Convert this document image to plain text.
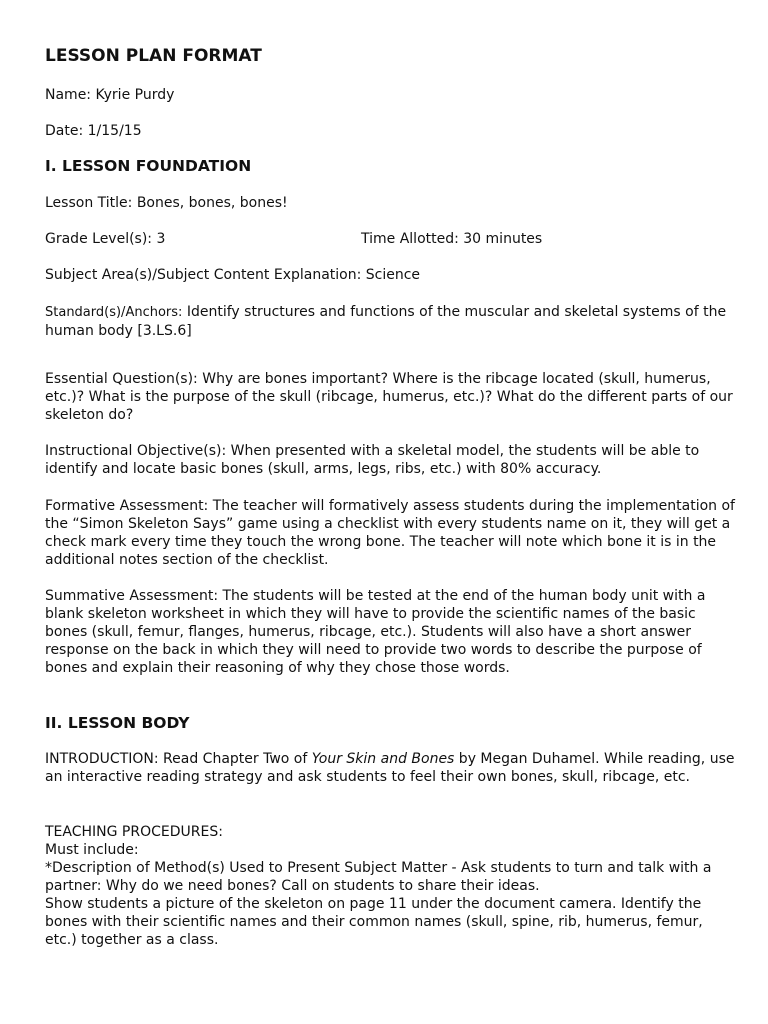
LESSON PLAN FORMAT

Name: Kyrie Purdy

Date: 1/15/15

I. LESSON FOUNDATION

Lesson Title: Bones, bones, bones!

Grade Level(s): 3	Time Allotted: 30 minutes

Subject Area(s)/Subject Content Explanation: Science

Standard(s)/Anchors: Identify structures and functions of the muscular and skeletal systems of the human body [3.LS.6]

Essential Question(s): Why are bones important? Where is the ribcage located (skull, humerus, etc.)? What is the purpose of the skull (ribcage, humerus, etc.)? What do the different parts of our skeleton do?

Instructional Objective(s): When presented with a skeletal model, the students will be able to identify and locate basic bones (skull, arms, legs, ribs, etc.) with 80% accuracy.

Formative Assessment: The teacher will formatively assess students during the implementation of the “Simon Skeleton Says” game using a checklist with every students name on it, they will get a check mark every time they touch the wrong bone. The teacher will note which bone it is in the additional notes section of the checklist.

Summative Assessment: The students will be tested at the end of the human body unit with a blank skeleton worksheet in which they will have to provide the scientific names of the basic bones (skull, femur, flanges, humerus, ribcage, etc.). Students will also have a short answer response on the back in which they will need to provide two words to describe the purpose of bones and explain their reasoning of why they chose those words.

II. LESSON BODY

INTRODUCTION: Read Chapter Two of Your Skin and Bones by Megan Duhamel. While reading, use an interactive reading strategy and ask students to feel their own bones, skull, ribcage, etc.

TEACHING PROCEDURES:

Must include:

*Description of Method(s) Used to Present Subject Matter - Ask students to turn and talk with a partner: Why do we need bones? Call on students to share their ideas.

Show students a picture of the skeleton on page 11 under the document camera. Identify the bones with their scientific names and their common names (skull, spine, rib, humerus, femur, etc.) together as a class.
